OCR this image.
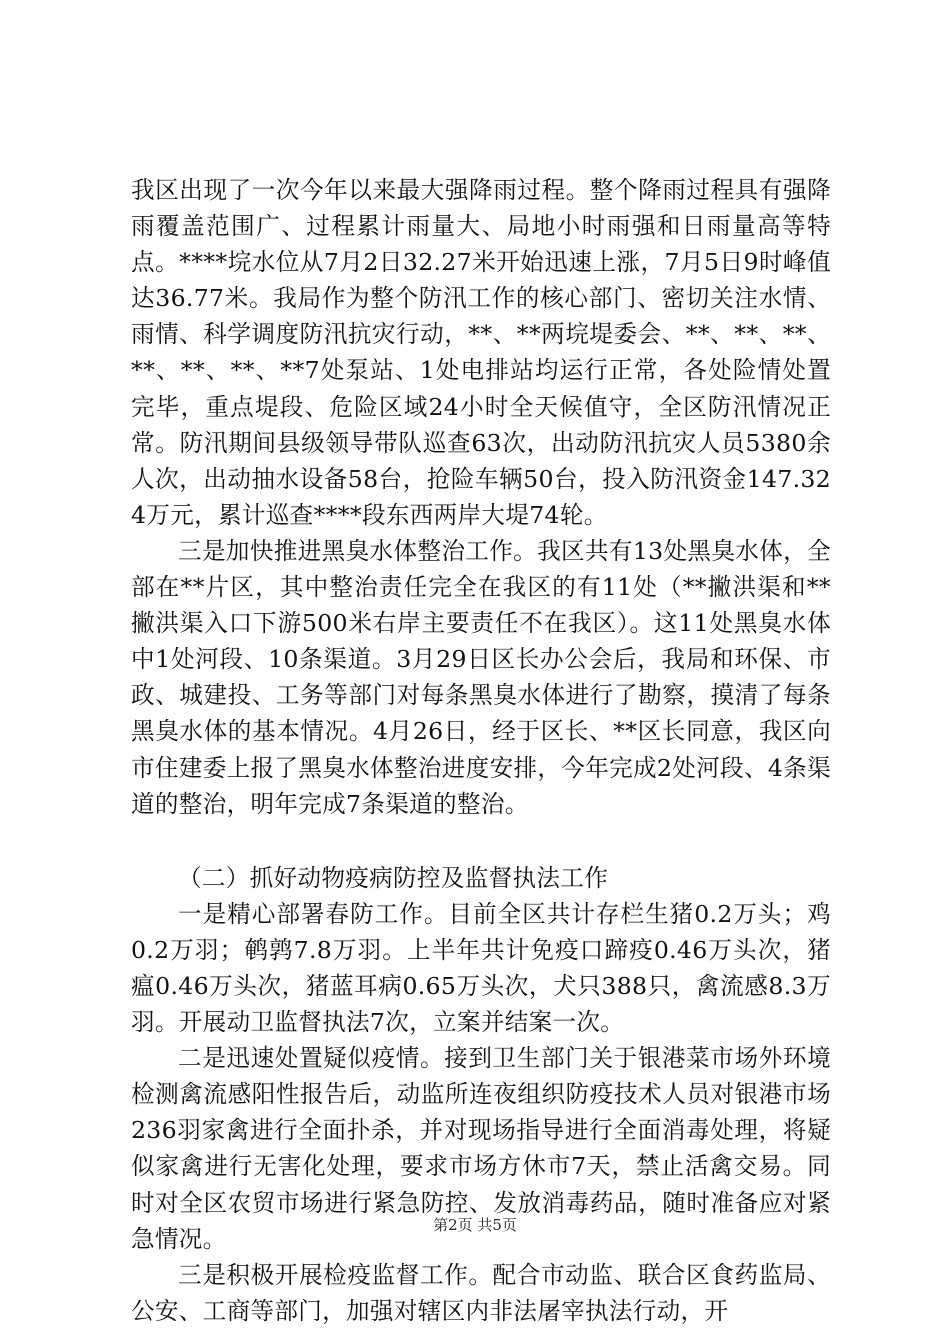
我区出现了一次今年以来最大强降雨过程。整个降雨过程具有强降雨覆盖范围广、过程累计雨量大、局地小时雨强和日雨量高等特点。****垸水位从7月2日32.27米开始迅速上涨，7月5日9时峰值达36.77米。我局作为整个防汛工作的核心部门、密切关注水情、雨情、科学调度防汛抗灾行动，**、**两垸堤委会、**、**、**、**、**、**、**7处泵站、1处电排站均运行正常，各处险情处置完毕，重点堤段、危险区域24小时全天候值守，全区防汛情况正常。防汛期间县级领导带队巡查63次，出动防汛抗灾人员5380余人次，出动抽水设备58台，抢险车辆50台，投入防汛资金147.324万元，累计巡查****段东西两岸大堤74轮。

三是加快推进黑臭水体整治工作。我区共有13处黑臭水体，全部在**片区，其中整治责任完全在我区的有11处（**撇洪渠和**撇洪渠入口下游500米右岸主要责任不在我区）。这11处黑臭水体中1处河段、10条渠道。3月29日区长办公会后，我局和环保、市政、城建投、工务等部门对每条黑臭水体进行了勘察，摸清了每条黑臭水体的基本情况。4月26日，经于区长、**区长同意，我区向市住建委上报了黑臭水体整治进度安排，今年完成2处河段、4条渠道的整治，明年完成7条渠道的整治。

（二）抓好动物疫病防控及监督执法工作

一是精心部署春防工作。目前全区共计存栏生猪0.2万头；鸡0.2万羽；鹌鹑7.8万羽。上半年共计免疫口蹄疫0.46万头次，猪瘟0.46万头次，猪蓝耳病0.65万头次，犬只388只，禽流感8.3万羽。开展动卫监督执法7次，立案并结案一次。

二是迅速处置疑似疫情。接到卫生部门关于银港菜市场外环境检测禽流感阳性报告后，动监所连夜组织防疫技术人员对银港市场236羽家禽进行全面扑杀，并对现场指导进行全面消毒处理，将疑似家禽进行无害化处理，要求市场方休市7天，禁止活禽交易。同时对全区农贸市场进行紧急防控、发放消毒药品，随时准备应对紧急情况。

三是积极开展检疫监督工作。配合市动监、联合区食药监局、公安、工商等部门，加强对辖区内非法屠宰执法行动，开

第2页 共5页
